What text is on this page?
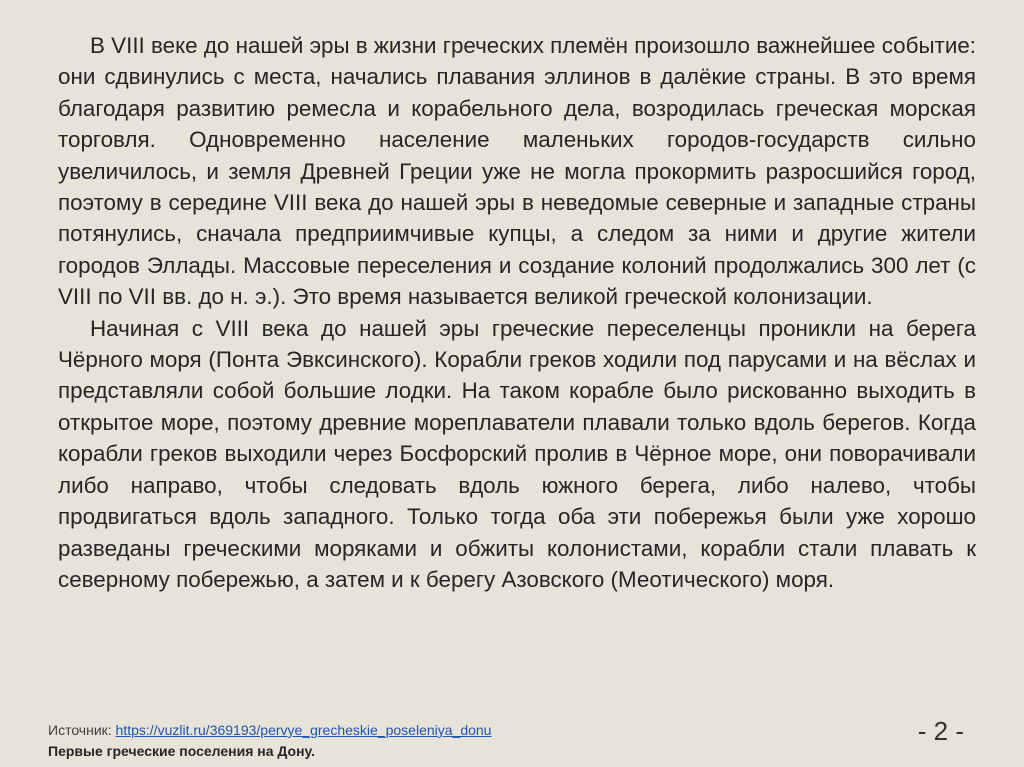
В VIII веке до нашей эры в жизни греческих племён произошло важнейшее событие: они сдвинулись с места, начались плавания эллинов в далёкие страны. В это время благодаря развитию ремесла и корабельного дела, возродилась греческая морская торговля. Одновременно население маленьких городов-государств сильно увеличилось, и земля Древней Греции уже не могла прокормить разросшийся город, поэтому в середине VIII века до нашей эры в неведомые северные и западные страны потянулись, сначала предприимчивые купцы, а следом за ними и другие жители городов Эллады. Массовые переселения и создание колоний продолжались 300 лет (с VIII по VII вв. до н. э.). Это время называется великой греческой колонизации.

Начиная с VIII века до нашей эры греческие переселенцы проникли на берега Чёрного моря (Понта Эвксинского). Корабли греков ходили под парусами и на вёслах и представляли собой большие лодки. На таком корабле было рискованно выходить в открытое море, поэтому древние мореплаватели плавали только вдоль берегов. Когда корабли греков выходили через Босфорский пролив в Чёрное море, они поворачивали либо направо, чтобы следовать вдоль южного берега, либо налево, чтобы продвигаться вдоль западного. Только тогда оба эти побережья были уже хорошо разведаны греческими моряками и обжиты колонистами, корабли стали плавать к северному побережью, а затем и к берегу Азовского (Меотического) моря.

Источник: https://vuzlit.ru/369193/pervye_grecheskie_poseleniya_donu
Первые греческие поселения на Дону.
- 2 -
